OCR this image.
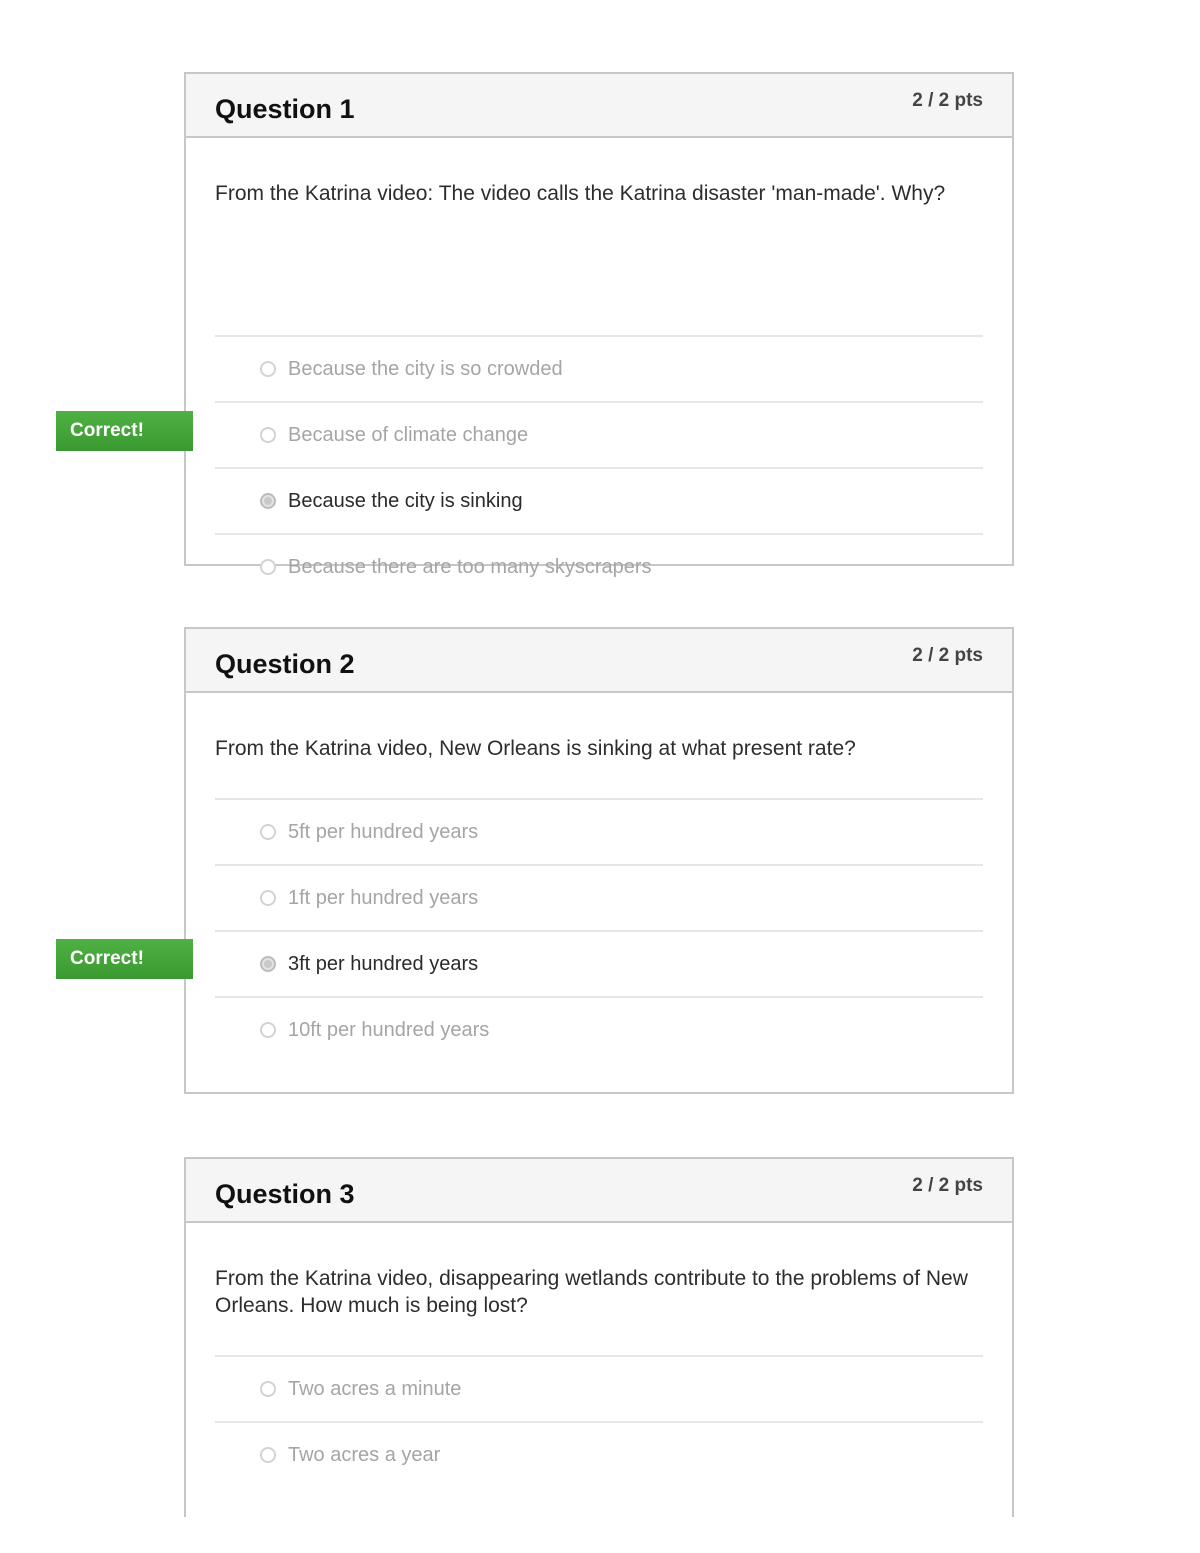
Question 1	2 / 2 pts
From the Katrina video: The video calls the Katrina disaster 'man-made'. Why?
Because the city is so crowded
Because of climate change
Because the city is sinking
Because there are too many skyscrapers
Correct!
Question 2	2 / 2 pts
From the Katrina video, New Orleans is sinking at what present rate?
5ft per hundred years
1ft per hundred years
3ft per hundred years
10ft per hundred years
Correct!
Question 3	2 / 2 pts
From the Katrina video, disappearing wetlands contribute to the problems of New Orleans. How much is being lost?
Two acres a minute
Two acres a year
